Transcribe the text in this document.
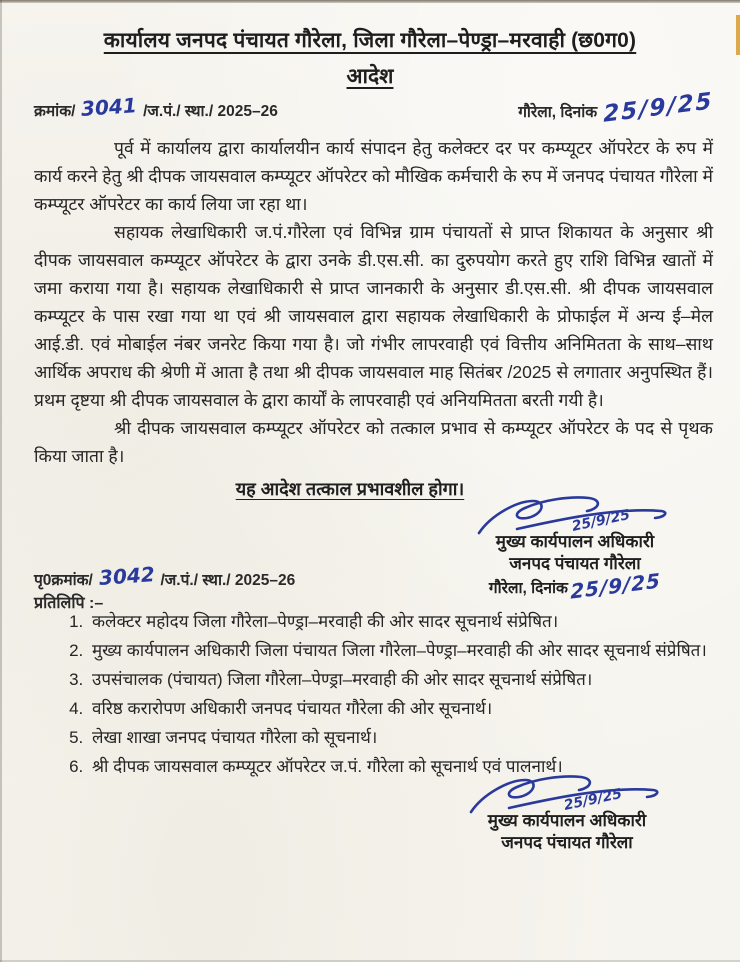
कार्यालय जनपद पंचायत गौरेला, जिला गौरेला–पेण्ड्रा–मरवाही (छ0ग0)
आदेश
क्रमांक/ 3041 /ज.पं./ स्था./ 2025–26	गौरेला, दिनांक 25/9/25

पूर्व में कार्यालय द्वारा कार्यालयीन कार्य संपादन हेतु कलेक्टर दर पर कम्प्यूटर ऑपरेटर के रुप में कार्य करने हेतु श्री दीपक जायसवाल कम्प्यूटर ऑपरेटर को मौखिक कर्मचारी के रुप में जनपद पंचायत गौरेला में कम्प्यूटर ऑपरेटर का कार्य लिया जा रहा था।

सहायक लेखाधिकारी ज.पं.गौरेला एवं विभिन्न ग्राम पंचायतों से प्राप्त शिकायत के अनुसार श्री दीपक जायसवाल कम्प्यूटर ऑपरेटर के द्वारा उनके डी.एस.सी. का दुरुपयोग करते हुए राशि विभिन्न खातों में जमा कराया गया है। सहायक लेखाधिकारी से प्राप्त जानकारी के अनुसार डी.एस.सी. श्री दीपक जायसवाल कम्प्यूटर के पास रखा गया था एवं श्री जायसवाल द्वारा सहायक लेखाधिकारी के प्रोफाईल में अन्य ई–मेल आई.डी. एवं मोबाईल नंबर जनरेट किया गया है। जो गंभीर लापरवाही एवं वित्तीय अनिमितता के साथ–साथ आर्थिक अपराध की श्रेणी में आता है तथा श्री दीपक जायसवाल माह सितंबर /2025 से लगातार अनुपस्थित हैं। प्रथम दृष्टया श्री दीपक जायसवाल के द्वारा कार्यों के लापरवाही एवं अनियमितता बरती गयी है।

श्री दीपक जायसवाल कम्प्यूटर ऑपरेटर को तत्काल प्रभाव से कम्प्यूटर ऑपरेटर के पद से पृथक किया जाता है।

यह आदेश तत्काल प्रभावशील होगा।
25/9/25
मुख्य कार्यपालन अधिकारी
जनपद पंचायत गौरेला
गौरेला, दिनांक 25/9/25
पृ0क्रमांक/ 3042 /ज.पं./ स्था./ 2025–26
प्रतिलिपि :–
1. कलेक्टर महोदय जिला गौरेला–पेण्ड्रा–मरवाही की ओर सादर सूचनार्थ संप्रेषित।
2. मुख्य कार्यपालन अधिकारी जिला पंचायत जिला गौरेला–पेण्ड्रा–मरवाही की ओर सादर सूचनार्थ संप्रेषित।
3. उपसंचालक (पंचायत) जिला गौरेला–पेण्ड्रा–मरवाही की ओर सादर सूचनार्थ संप्रेषित।
4. वरिष्ठ करारोपण अधिकारी जनपद पंचायत गौरेला की ओर सूचनार्थ।
5. लेखा शाखा जनपद पंचायत गौरेला को सूचनार्थ।
6. श्री दीपक जायसवाल कम्प्यूटर ऑपरेटर ज.पं. गौरेला को सूचनार्थ एवं पालनार्थ।
25/9/25
मुख्य कार्यपालन अधिकारी
जनपद पंचायत गौरेला
